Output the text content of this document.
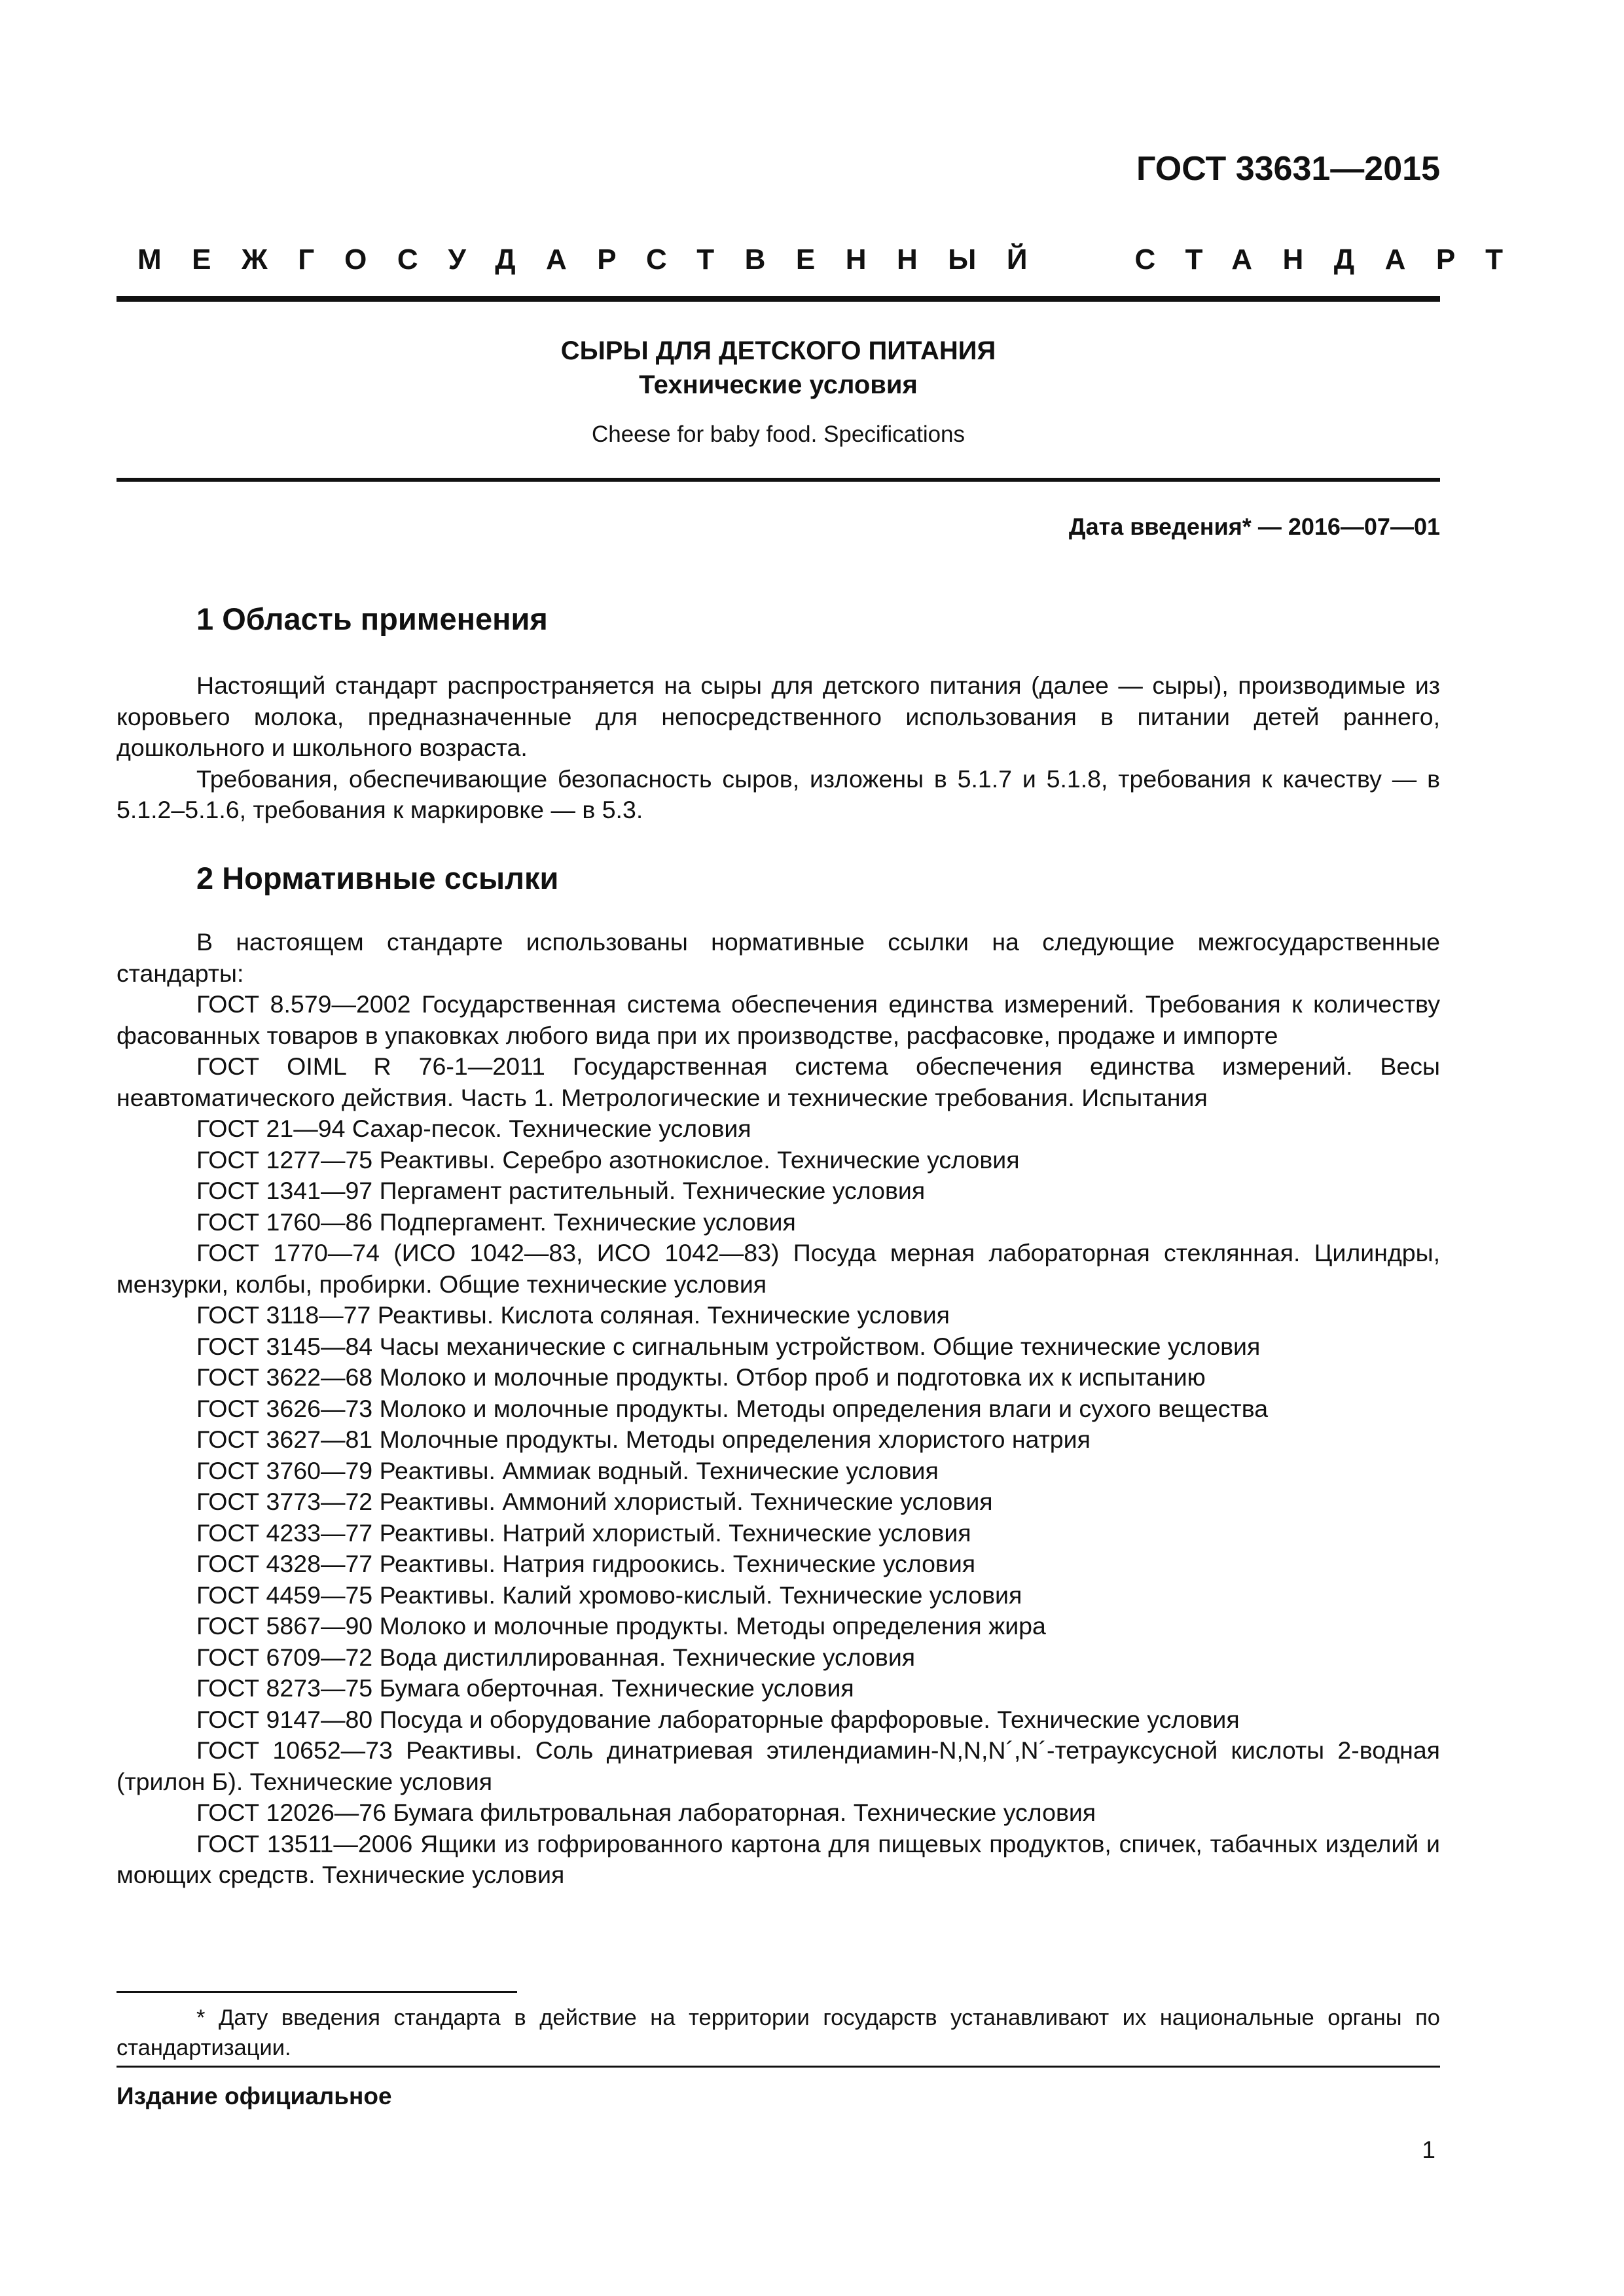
ГОСТ 33631—2015
МЕЖГОСУДАРСТВЕННЫЙ  СТАНДАРТ
СЫРЫ ДЛЯ ДЕТСКОГО ПИТАНИЯ
Технические условия
Cheese for baby food. Specifications
Дата введения* — 2016—07—01
1 Область применения

Настоящий стандарт распространяется на сыры для детского питания (далее — сыры), производимые из коровьего молока, предназначенные для непосредственного использования в питании детей раннего, дошкольного и школьного возраста.

Требования, обеспечивающие безопасность сыров, изложены в 5.1.7 и 5.1.8, требования к качеству — в 5.1.2–5.1.6, требования к маркировке — в 5.3.

2 Нормативные ссылки

В настоящем стандарте использованы нормативные ссылки на следующие межгосударственные стандарты:

ГОСТ 8.579—2002 Государственная система обеспечения единства измерений. Требования к количеству фасованных товаров в упаковках любого вида при их производстве, расфасовке, продаже и импорте

ГОСТ OIML R 76-1—2011 Государственная система обеспечения единства измерений. Весы неавтоматического действия. Часть 1. Метрологические и технические требования. Испытания

ГОСТ 21—94 Сахар-песок. Технические условия

ГОСТ 1277—75 Реактивы. Серебро азотнокислое. Технические условия

ГОСТ 1341—97 Пергамент растительный. Технические условия

ГОСТ 1760—86 Подпергамент. Технические условия

ГОСТ 1770—74 (ИСО 1042—83, ИСО 1042—83) Посуда мерная лабораторная стеклянная. Цилиндры, мензурки, колбы, пробирки. Общие технические условия

ГОСТ 3118—77 Реактивы. Кислота соляная. Технические условия

ГОСТ 3145—84 Часы механические с сигнальным устройством. Общие технические условия

ГОСТ 3622—68 Молоко и молочные продукты. Отбор проб и подготовка их к испытанию

ГОСТ 3626—73 Молоко и молочные продукты. Методы определения влаги и сухого вещества

ГОСТ 3627—81 Молочные продукты. Методы определения хлористого натрия

ГОСТ 3760—79 Реактивы. Аммиак водный. Технические условия

ГОСТ 3773—72 Реактивы. Аммоний хлористый. Технические условия

ГОСТ 4233—77 Реактивы. Натрий хлористый. Технические условия

ГОСТ 4328—77 Реактивы. Натрия гидроокись. Технические условия

ГОСТ 4459—75 Реактивы. Калий хромово-кислый. Технические условия

ГОСТ 5867—90 Молоко и молочные продукты. Методы определения жира

ГОСТ 6709—72 Вода дистиллированная. Технические условия

ГОСТ 8273—75 Бумага оберточная. Технические условия

ГОСТ 9147—80 Посуда и оборудование лабораторные фарфоровые. Технические условия

ГОСТ 10652—73 Реактивы. Соль динатриевая этилендиамин-N,N,N´,N´-тетрауксусной кислоты 2-водная (трилон Б). Технические условия

ГОСТ 12026—76 Бумага фильтровальная лабораторная. Технические условия

ГОСТ 13511—2006 Ящики из гофрированного картона для пищевых продуктов, спичек, табачных изделий и моющих средств. Технические условия

* Дату введения стандарта в действие на территории государств устанавливают их национальные органы по стандартизации.

Издание официальное
1
